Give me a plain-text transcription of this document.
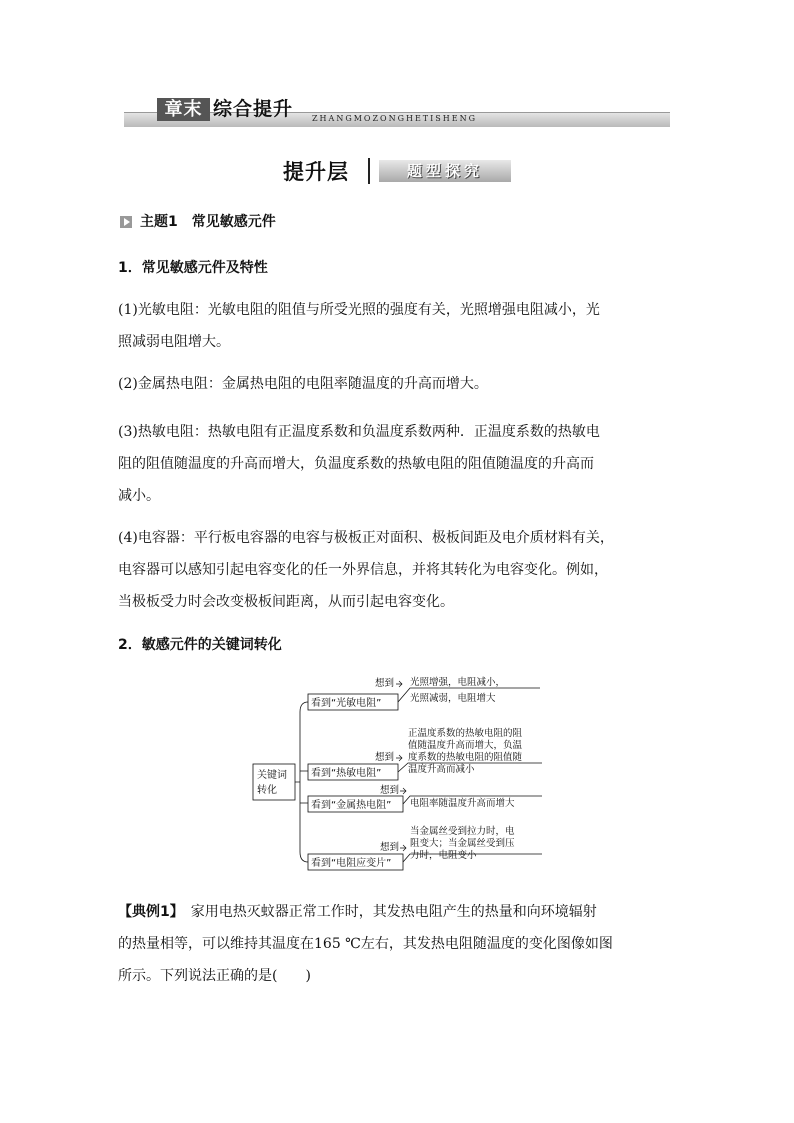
ZHANGMOZONGHETISHENG
章末 综合提升
提升层	题型探究
主题1　常见敏感元件
1．常见敏感元件及特性
(1)光敏电阻：光敏电阻的阻值与所受光照的强度有关，光照增强电阻减小，光
照减弱电阻增大。
(2)金属热电阻：金属热电阻的电阻率随温度的升高而增大。
(3)热敏电阻：热敏电阻有正温度系数和负温度系数两种．正温度系数的热敏电
阻的阻值随温度的升高而增大，负温度系数的热敏电阻的阻值随温度的升高而
减小。
(4)电容器：平行板电容器的电容与极板正对面积、极板间距及电介质材料有关，
电容器可以感知引起电容变化的任一外界信息，并将其转化为电容变化。例如，
当极板受力时会改变极板间距离，从而引起电容变化。
2．敏感元件的关键词转化
关键词
转化
看到“光敏电阻”
想到 光照增强，电阻减小，
光照减弱，电阻增大
看到“热敏电阻”
想到
正温度系数的热敏电阻的阻
值随温度升高而增大，负温
度系数的热敏电阻的阻值随
温度升高而减小
看到“金属热电阻”
想到
电阻率随温度升高而增大
看到“电阻应变片”
想到
当金属丝受到拉力时，电
阻变大；当金属丝受到压
力时，电阻变小
【典例1】　家用电热灭蚊器正常工作时，其发热电阻产生的热量和向环境辐射
的热量相等，可以维持其温度在165 ℃左右，其发热电阻随温度的变化图像如图
所示。下列说法正确的是(　　)
